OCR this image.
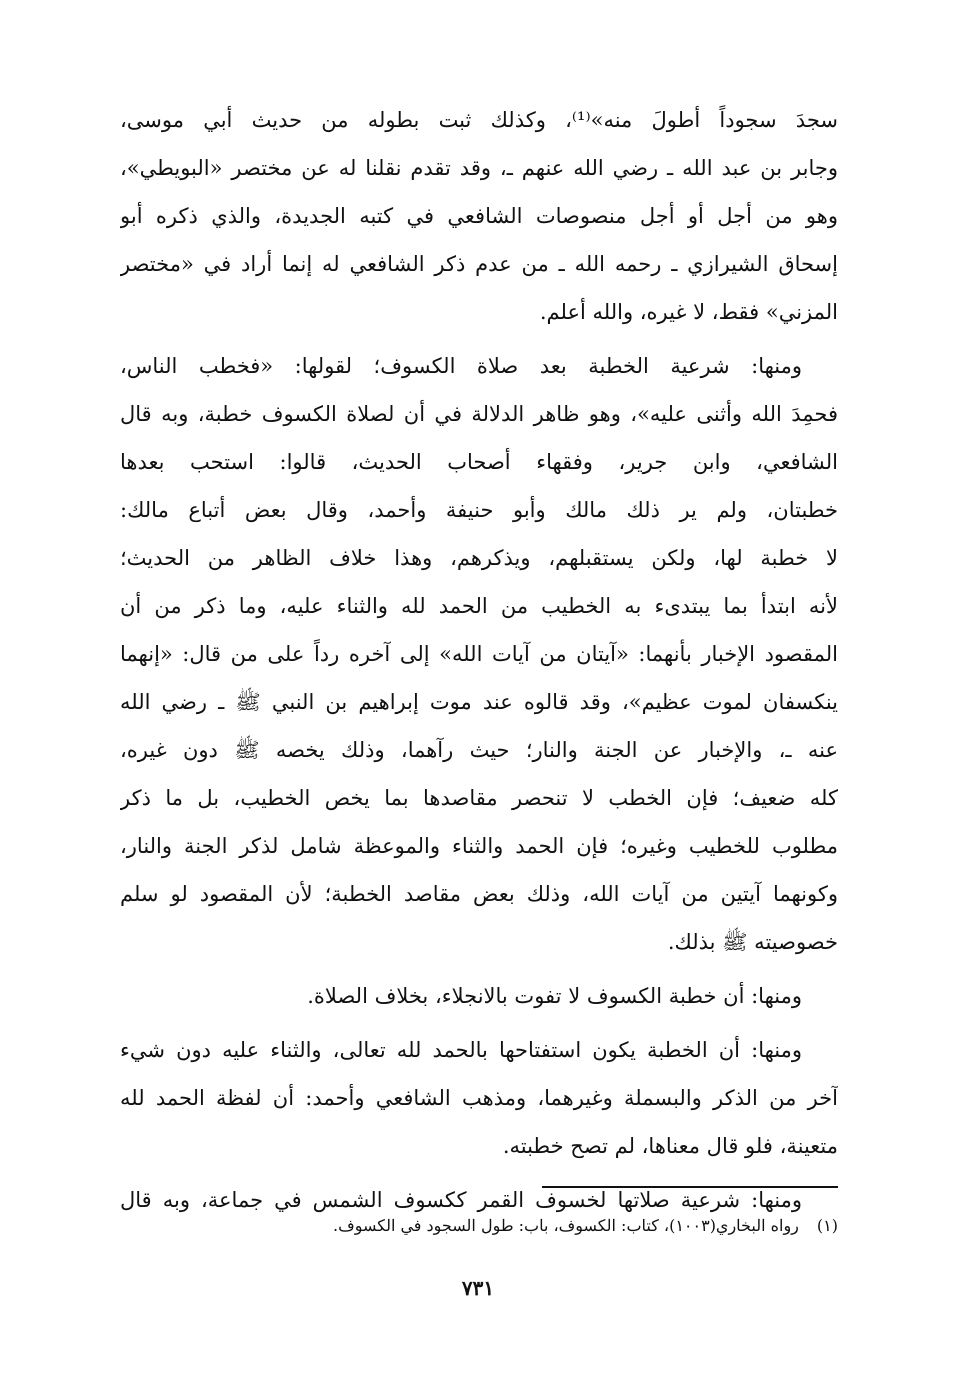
سجدَ سجوداً أطولَ منه»⁽¹⁾، وكذلك ثبت بطوله من حديث أبي موسى،
وجابر بن عبد الله ـ رضي الله عنهم ـ، وقد تقدم نقلنا له عن مختصر «البويطي»،
وهو من أجل أو أجل منصوصات الشافعي في كتبه الجديدة، والذي ذكره أبو
إسحاق الشيرازي ـ رحمه الله ـ من عدم ذكر الشافعي له إنما أراد في «مختصر
المزني» فقط، لا غيره، والله أعلم.
ومنها: شرعية الخطبة بعد صلاة الكسوف؛ لقولها: «فخطب الناس،
فحمِدَ الله وأثنى عليه»، وهو ظاهر الدلالة في أن لصلاة الكسوف خطبة، وبه قال
الشافعي، وابن جرير، وفقهاء أصحاب الحديث، قالوا: استحب بعدها
خطبتان، ولم ير ذلك مالك وأبو حنيفة وأحمد، وقال بعض أتباع مالك:
لا خطبة لها، ولكن يستقبلهم، ويذكرهم، وهذا خلاف الظاهر من الحديث؛
لأنه ابتدأ بما يبتدىء به الخطيب من الحمد لله والثناء عليه، وما ذكر من أن
المقصود الإخبار بأنهما: «آيتان من آيات الله» إلى آخره رداً على من قال: «إنهما
ينكسفان لموت عظيم»، وقد قالوه عند موت إبراهيم بن النبي ﷺ ـ رضي الله
عنه ـ، والإخبار عن الجنة والنار؛ حيث رآهما، وذلك يخصه ﷺ دون غيره،
كله ضعيف؛ فإن الخطب لا تنحصر مقاصدها بما يخص الخطيب، بل ما ذكر
مطلوب للخطيب وغيره؛ فإن الحمد والثناء والموعظة شامل لذكر الجنة والنار،
وكونهما آيتين من آيات الله، وذلك بعض مقاصد الخطبة؛ لأن المقصود لو سلم
خصوصيته ﷺ بذلك.
ومنها: أن خطبة الكسوف لا تفوت بالانجلاء، بخلاف الصلاة.
ومنها: أن الخطبة يكون استفتاحها بالحمد لله تعالى، والثناء عليه دون شيء
آخر من الذكر والبسملة وغيرهما، ومذهب الشافعي وأحمد: أن لفظة الحمد لله
متعينة، فلو قال معناها، لم تصح خطبته.
ومنها: شرعية صلاتها لخسوف القمر ككسوف الشمس في جماعة، وبه قال
(١)رواه البخاري(١٠٠٣)، كتاب: الكسوف، باب: طول السجود في الكسوف.
٧٣١
